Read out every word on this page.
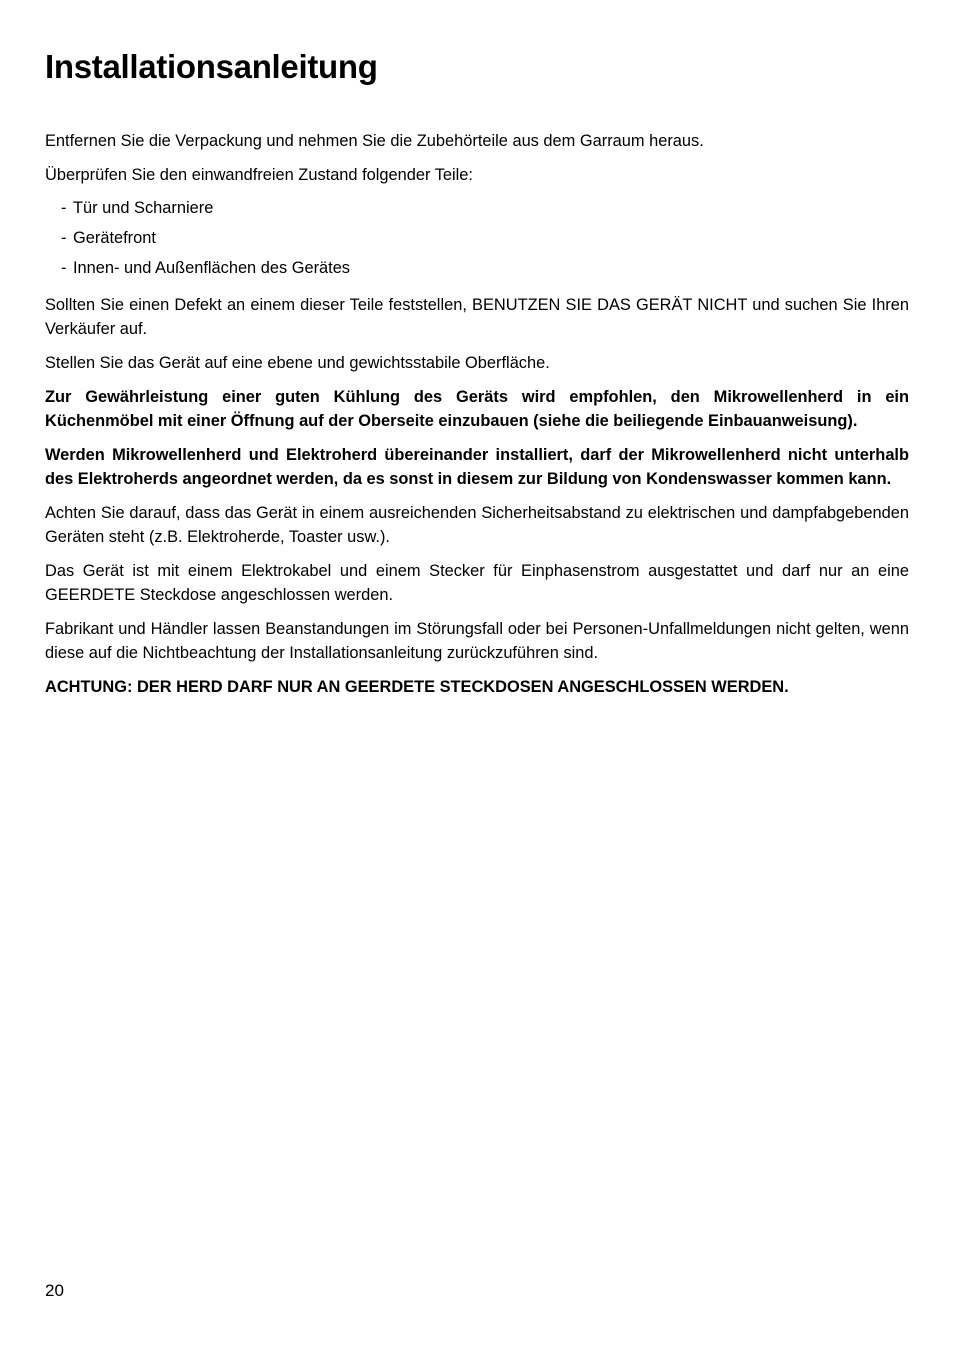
Installationsanleitung

Entfernen Sie die Verpackung und nehmen Sie die Zubehörteile aus dem Garraum heraus.

Überprüfen Sie den einwandfreien Zustand folgender Teile:

- Tür und Scharniere
- Gerätefront
- Innen- und Außenflächen des Gerätes

Sollten Sie einen Defekt an einem dieser Teile feststellen, BENUTZEN SIE DAS GERÄT NICHT und suchen Sie Ihren Verkäufer auf.

Stellen Sie das Gerät auf eine ebene und gewichtsstabile Oberfläche.

Zur Gewährleistung einer guten Kühlung des Geräts wird empfohlen, den Mikrowellenherd in ein Küchenmöbel mit einer Öffnung auf der Oberseite einzubauen (siehe die beiliegende Einbauanweisung).

Werden Mikrowellenherd und Elektroherd übereinander installiert, darf der Mikrowellenherd nicht unterhalb des Elektroherds angeordnet werden, da es sonst in diesem zur Bildung von Kondenswasser kommen kann.

Achten Sie darauf, dass das Gerät in einem ausreichenden Sicherheitsabstand zu elektrischen und dampfabgebenden Geräten steht (z.B. Elektroherde, Toaster usw.).

Das Gerät ist mit einem Elektrokabel und einem Stecker für Einphasenstrom ausgestattet und darf nur an eine GEERDETE Steckdose angeschlossen werden.

Fabrikant und Händler lassen Beanstandungen im Störungsfall oder bei Personen-Unfallmeldungen nicht gelten, wenn diese auf die Nichtbeachtung der Installationsanleitung zurückzuführen sind.

ACHTUNG: DER HERD DARF NUR AN GEERDETE STECKDOSEN ANGESCHLOSSEN WERDEN.

20
